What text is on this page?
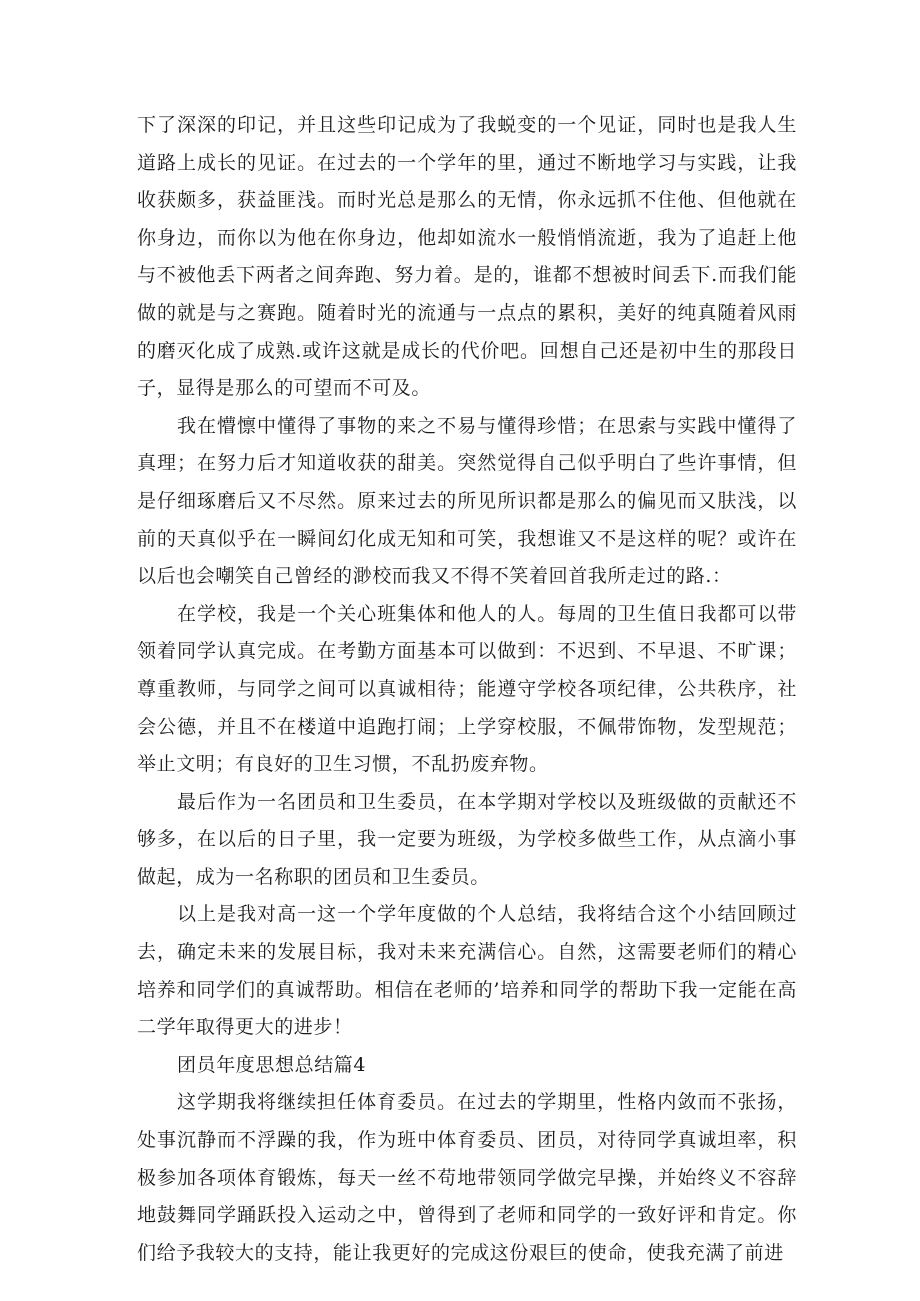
下了深深的印记，并且这些印记成为了我蜕变的一个见证，同时也是我人生道路上成长的见证。在过去的一个学年的里，通过不断地学习与实践，让我收获颇多，获益匪浅。而时光总是那么的无情，你永远抓不住他、但他就在你身边，而你以为他在你身边，他却如流水一般悄悄流逝，我为了追赶上他与不被他丢下两者之间奔跑、努力着。是的，谁都不想被时间丢下.而我们能做的就是与之赛跑。随着时光的流通与一点点的累积，美好的纯真随着风雨的磨灭化成了成熟.或许这就是成长的代价吧。回想自己还是初中生的那段日子，显得是那么的可望而不可及。

我在懵懔中懂得了事物的来之不易与懂得珍惜；在思索与实践中懂得了真理；在努力后才知道收获的甜美。突然觉得自己似乎明白了些许事情，但是仔细琢磨后又不尽然。原来过去的所见所识都是那么的偏见而又肤浅，以前的天真似乎在一瞬间幻化成无知和可笑，我想谁又不是这样的呢？或许在以后也会嘲笑自己曾经的渺校而我又不得不笑着回首我所走过的路.：

在学校，我是一个关心班集体和他人的人。每周的卫生值日我都可以带领着同学认真完成。在考勤方面基本可以做到：不迟到、不早退、不旷课；尊重教师，与同学之间可以真诚相待；能遵守学校各项纪律，公共秩序，社会公德，并且不在楼道中追跑打闹；上学穿校服，不佩带饰物，发型规范；举止文明；有良好的卫生习惯，不乱扔废弃物。

最后作为一名团员和卫生委员，在本学期对学校以及班级做的贡献还不够多，在以后的日子里，我一定要为班级，为学校多做些工作，从点滴小事做起，成为一名称职的团员和卫生委员。

以上是我对高一这一个学年度做的个人总结，我将结合这个小结回顾过去，确定未来的发展目标，我对未来充满信心。自然，这需要老师们的精心培养和同学们的真诚帮助。相信在老师的’培养和同学的帮助下我一定能在高二学年取得更大的进步！

团员年度思想总结篇4

这学期我将继续担任体育委员。在过去的学期里，性格内敛而不张扬，处事沉静而不浮躁的我，作为班中体育委员、团员，对待同学真诚坦率，积极参加各项体育锻炼，每天一丝不苟地带领同学做完早操，并始终义不容辞地鼓舞同学踊跃投入运动之中，曾得到了老师和同学的一致好评和肯定。你们给予我较大的支持，能让我更好的完成这份艰巨的使命，使我充满了前进
